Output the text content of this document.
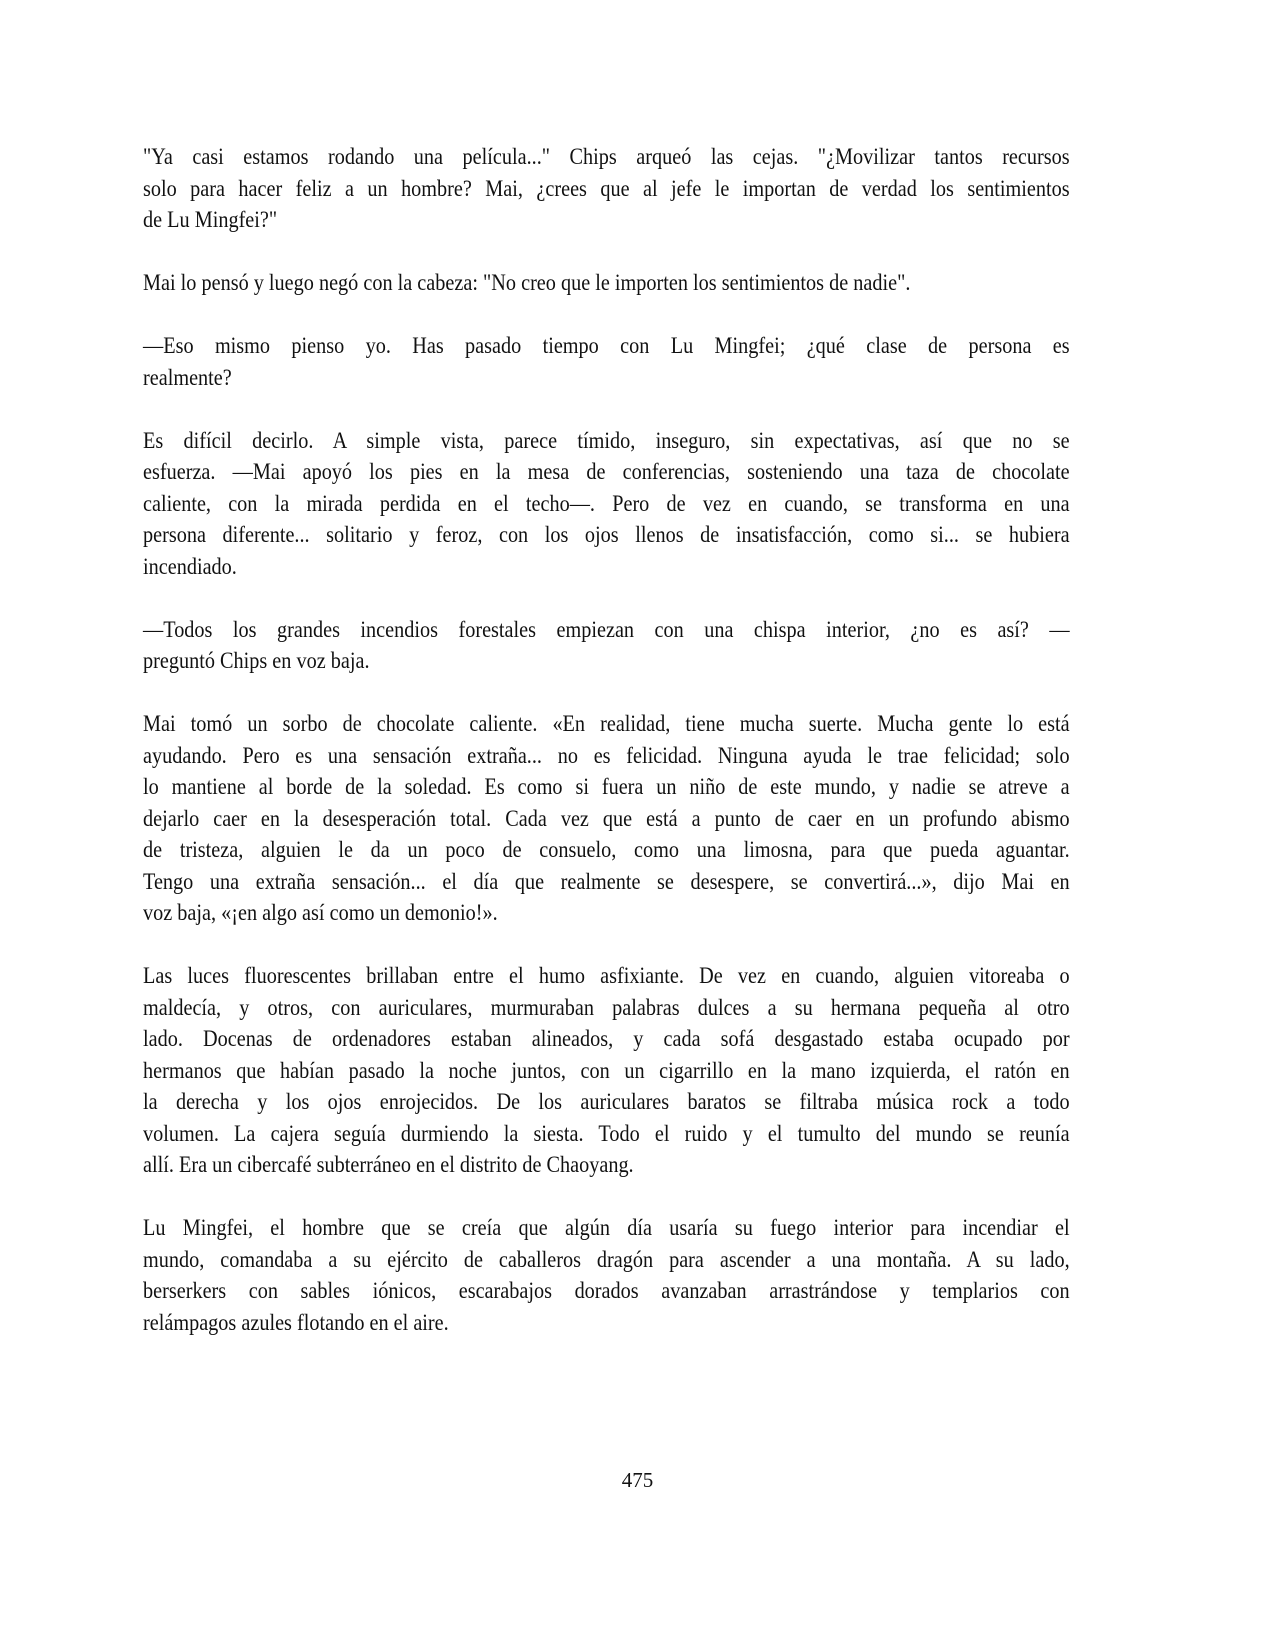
"Ya casi estamos rodando una película..." Chips arqueó las cejas. "¿Movilizar tantos recursos
solo para hacer feliz a un hombre? Mai, ¿crees que al jefe le importan de verdad los sentimientos
de Lu Mingfei?"
Mai lo pensó y luego negó con la cabeza: "No creo que le importen los sentimientos de nadie".
—Eso mismo pienso yo. Has pasado tiempo con Lu Mingfei; ¿qué clase de persona es
realmente?
Es difícil decirlo. A simple vista, parece tímido, inseguro, sin expectativas, así que no se
esfuerza. —Mai apoyó los pies en la mesa de conferencias, sosteniendo una taza de chocolate
caliente, con la mirada perdida en el techo—. Pero de vez en cuando, se transforma en una
persona diferente... solitario y feroz, con los ojos llenos de insatisfacción, como si... se hubiera
incendiado.
—Todos los grandes incendios forestales empiezan con una chispa interior, ¿no es así? —
preguntó Chips en voz baja.
Mai tomó un sorbo de chocolate caliente. «En realidad, tiene mucha suerte. Mucha gente lo está
ayudando. Pero es una sensación extraña... no es felicidad. Ninguna ayuda le trae felicidad; solo
lo mantiene al borde de la soledad. Es como si fuera un niño de este mundo, y nadie se atreve a
dejarlo caer en la desesperación total. Cada vez que está a punto de caer en un profundo abismo
de tristeza, alguien le da un poco de consuelo, como una limosna, para que pueda aguantar.
Tengo una extraña sensación... el día que realmente se desespere, se convertirá...», dijo Mai en
voz baja, «¡en algo así como un demonio!».
Las luces fluorescentes brillaban entre el humo asfixiante. De vez en cuando, alguien vitoreaba o
maldecía, y otros, con auriculares, murmuraban palabras dulces a su hermana pequeña al otro
lado. Docenas de ordenadores estaban alineados, y cada sofá desgastado estaba ocupado por
hermanos que habían pasado la noche juntos, con un cigarrillo en la mano izquierda, el ratón en
la derecha y los ojos enrojecidos. De los auriculares baratos se filtraba música rock a todo
volumen. La cajera seguía durmiendo la siesta. Todo el ruido y el tumulto del mundo se reunía
allí. Era un cibercafé subterráneo en el distrito de Chaoyang.
Lu Mingfei, el hombre que se creía que algún día usaría su fuego interior para incendiar el
mundo, comandaba a su ejército de caballeros dragón para ascender a una montaña. A su lado,
berserkers con sables iónicos, escarabajos dorados avanzaban arrastrándose y templarios con
relámpagos azules flotando en el aire.
475
